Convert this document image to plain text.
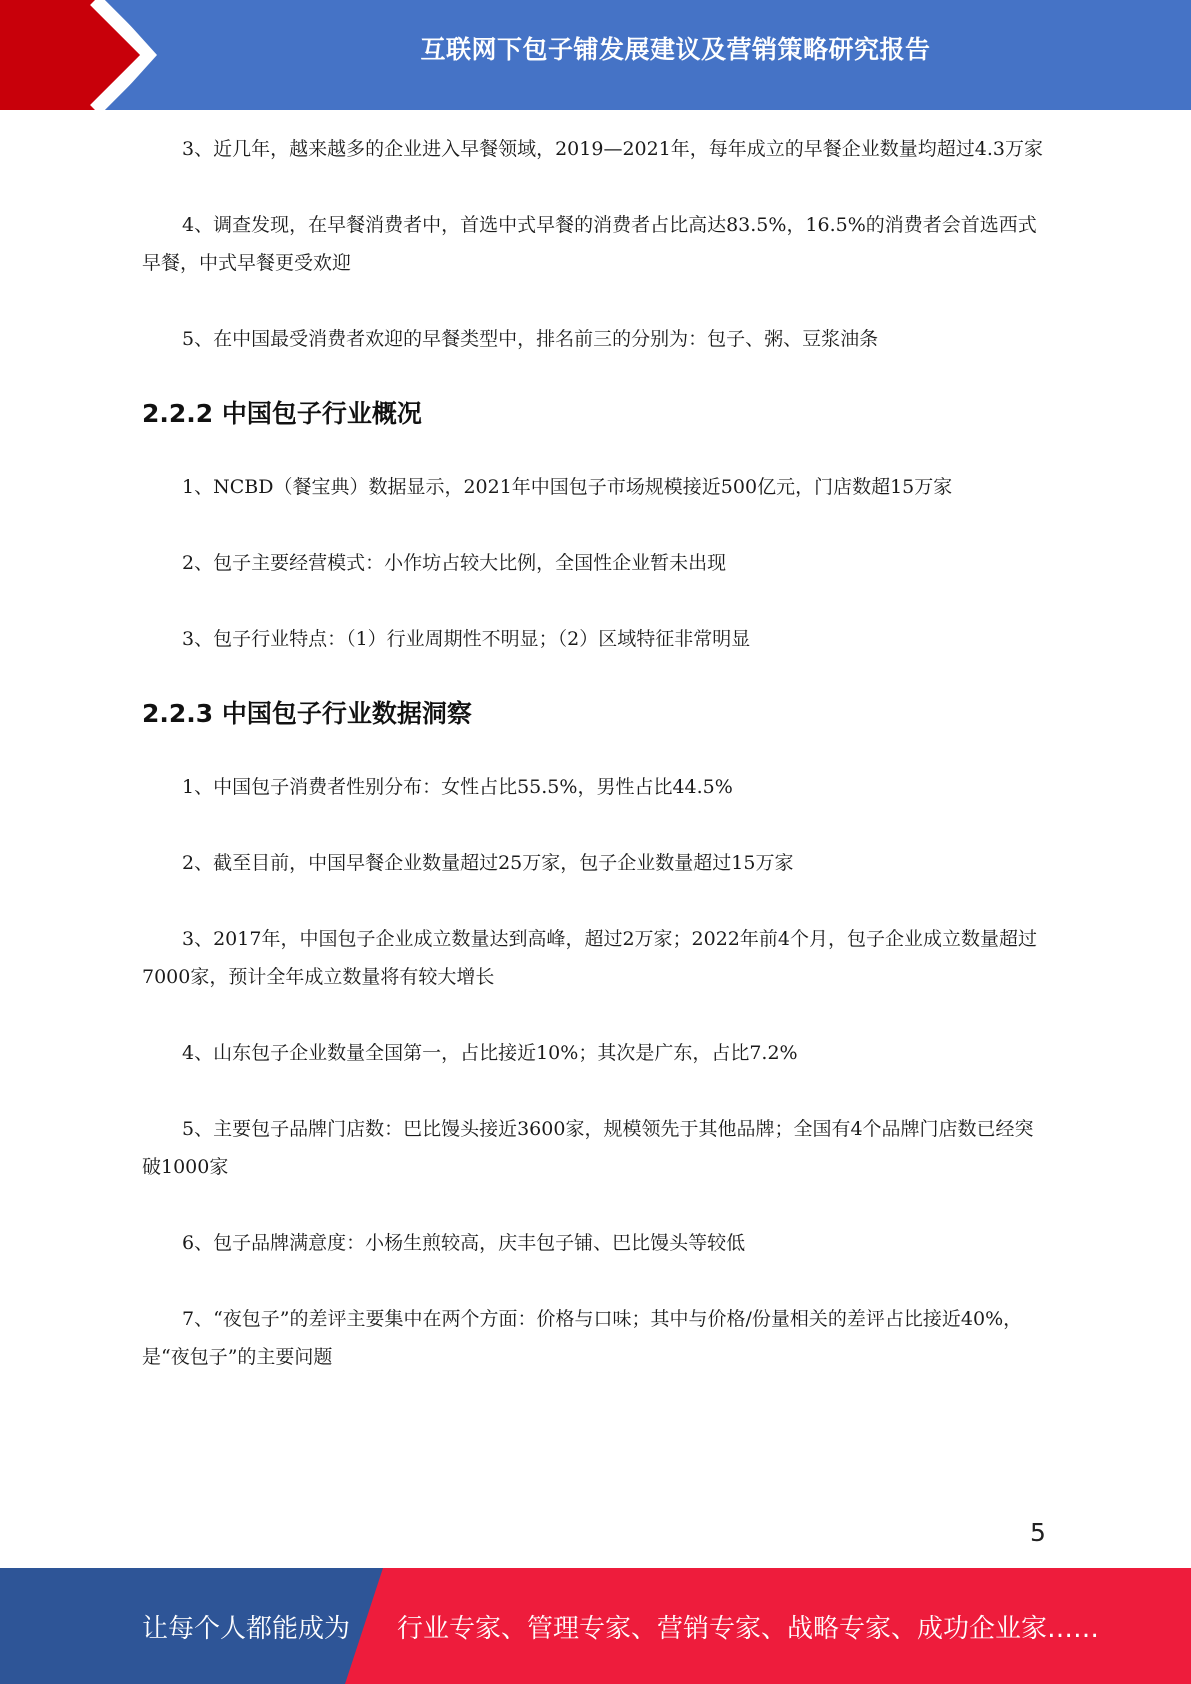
互联网下包子铺发展建议及营销策略研究报告

3、近几年，越来越多的企业进入早餐领域，2019—2021年，每年成立的早餐企业数量均超过4.3万家

4、调查发现，在早餐消费者中，首选中式早餐的消费者占比高达83.5%，16.5%的消费者会首选西式早餐，中式早餐更受欢迎

5、在中国最受消费者欢迎的早餐类型中，排名前三的分别为：包子、粥、豆浆油条

2.2.2 中国包子行业概况

1、NCBD（餐宝典）数据显示，2021年中国包子市场规模接近500亿元，门店数超15万家

2、包子主要经营模式：小作坊占较大比例，全国性企业暂未出现

3、包子行业特点：（1）行业周期性不明显；（2）区域特征非常明显

2.2.3 中国包子行业数据洞察

1、中国包子消费者性别分布：女性占比55.5%，男性占比44.5%

2、截至目前，中国早餐企业数量超过25万家，包子企业数量超过15万家

3、2017年，中国包子企业成立数量达到高峰，超过2万家；2022年前4个月，包子企业成立数量超过7000家，预计全年成立数量将有较大增长

4、山东包子企业数量全国第一，占比接近10%；其次是广东，占比7.2%

5、主要包子品牌门店数：巴比馒头接近3600家，规模领先于其他品牌；全国有4个品牌门店数已经突破1000家

6、包子品牌满意度：小杨生煎较高，庆丰包子铺、巴比馒头等较低

7、“夜包子”的差评主要集中在两个方面：价格与口味；其中与价格/份量相关的差评占比接近40%，是“夜包子”的主要问题

5
让每个人都能成为 行业专家、管理专家、营销专家、战略专家、成功企业家……
